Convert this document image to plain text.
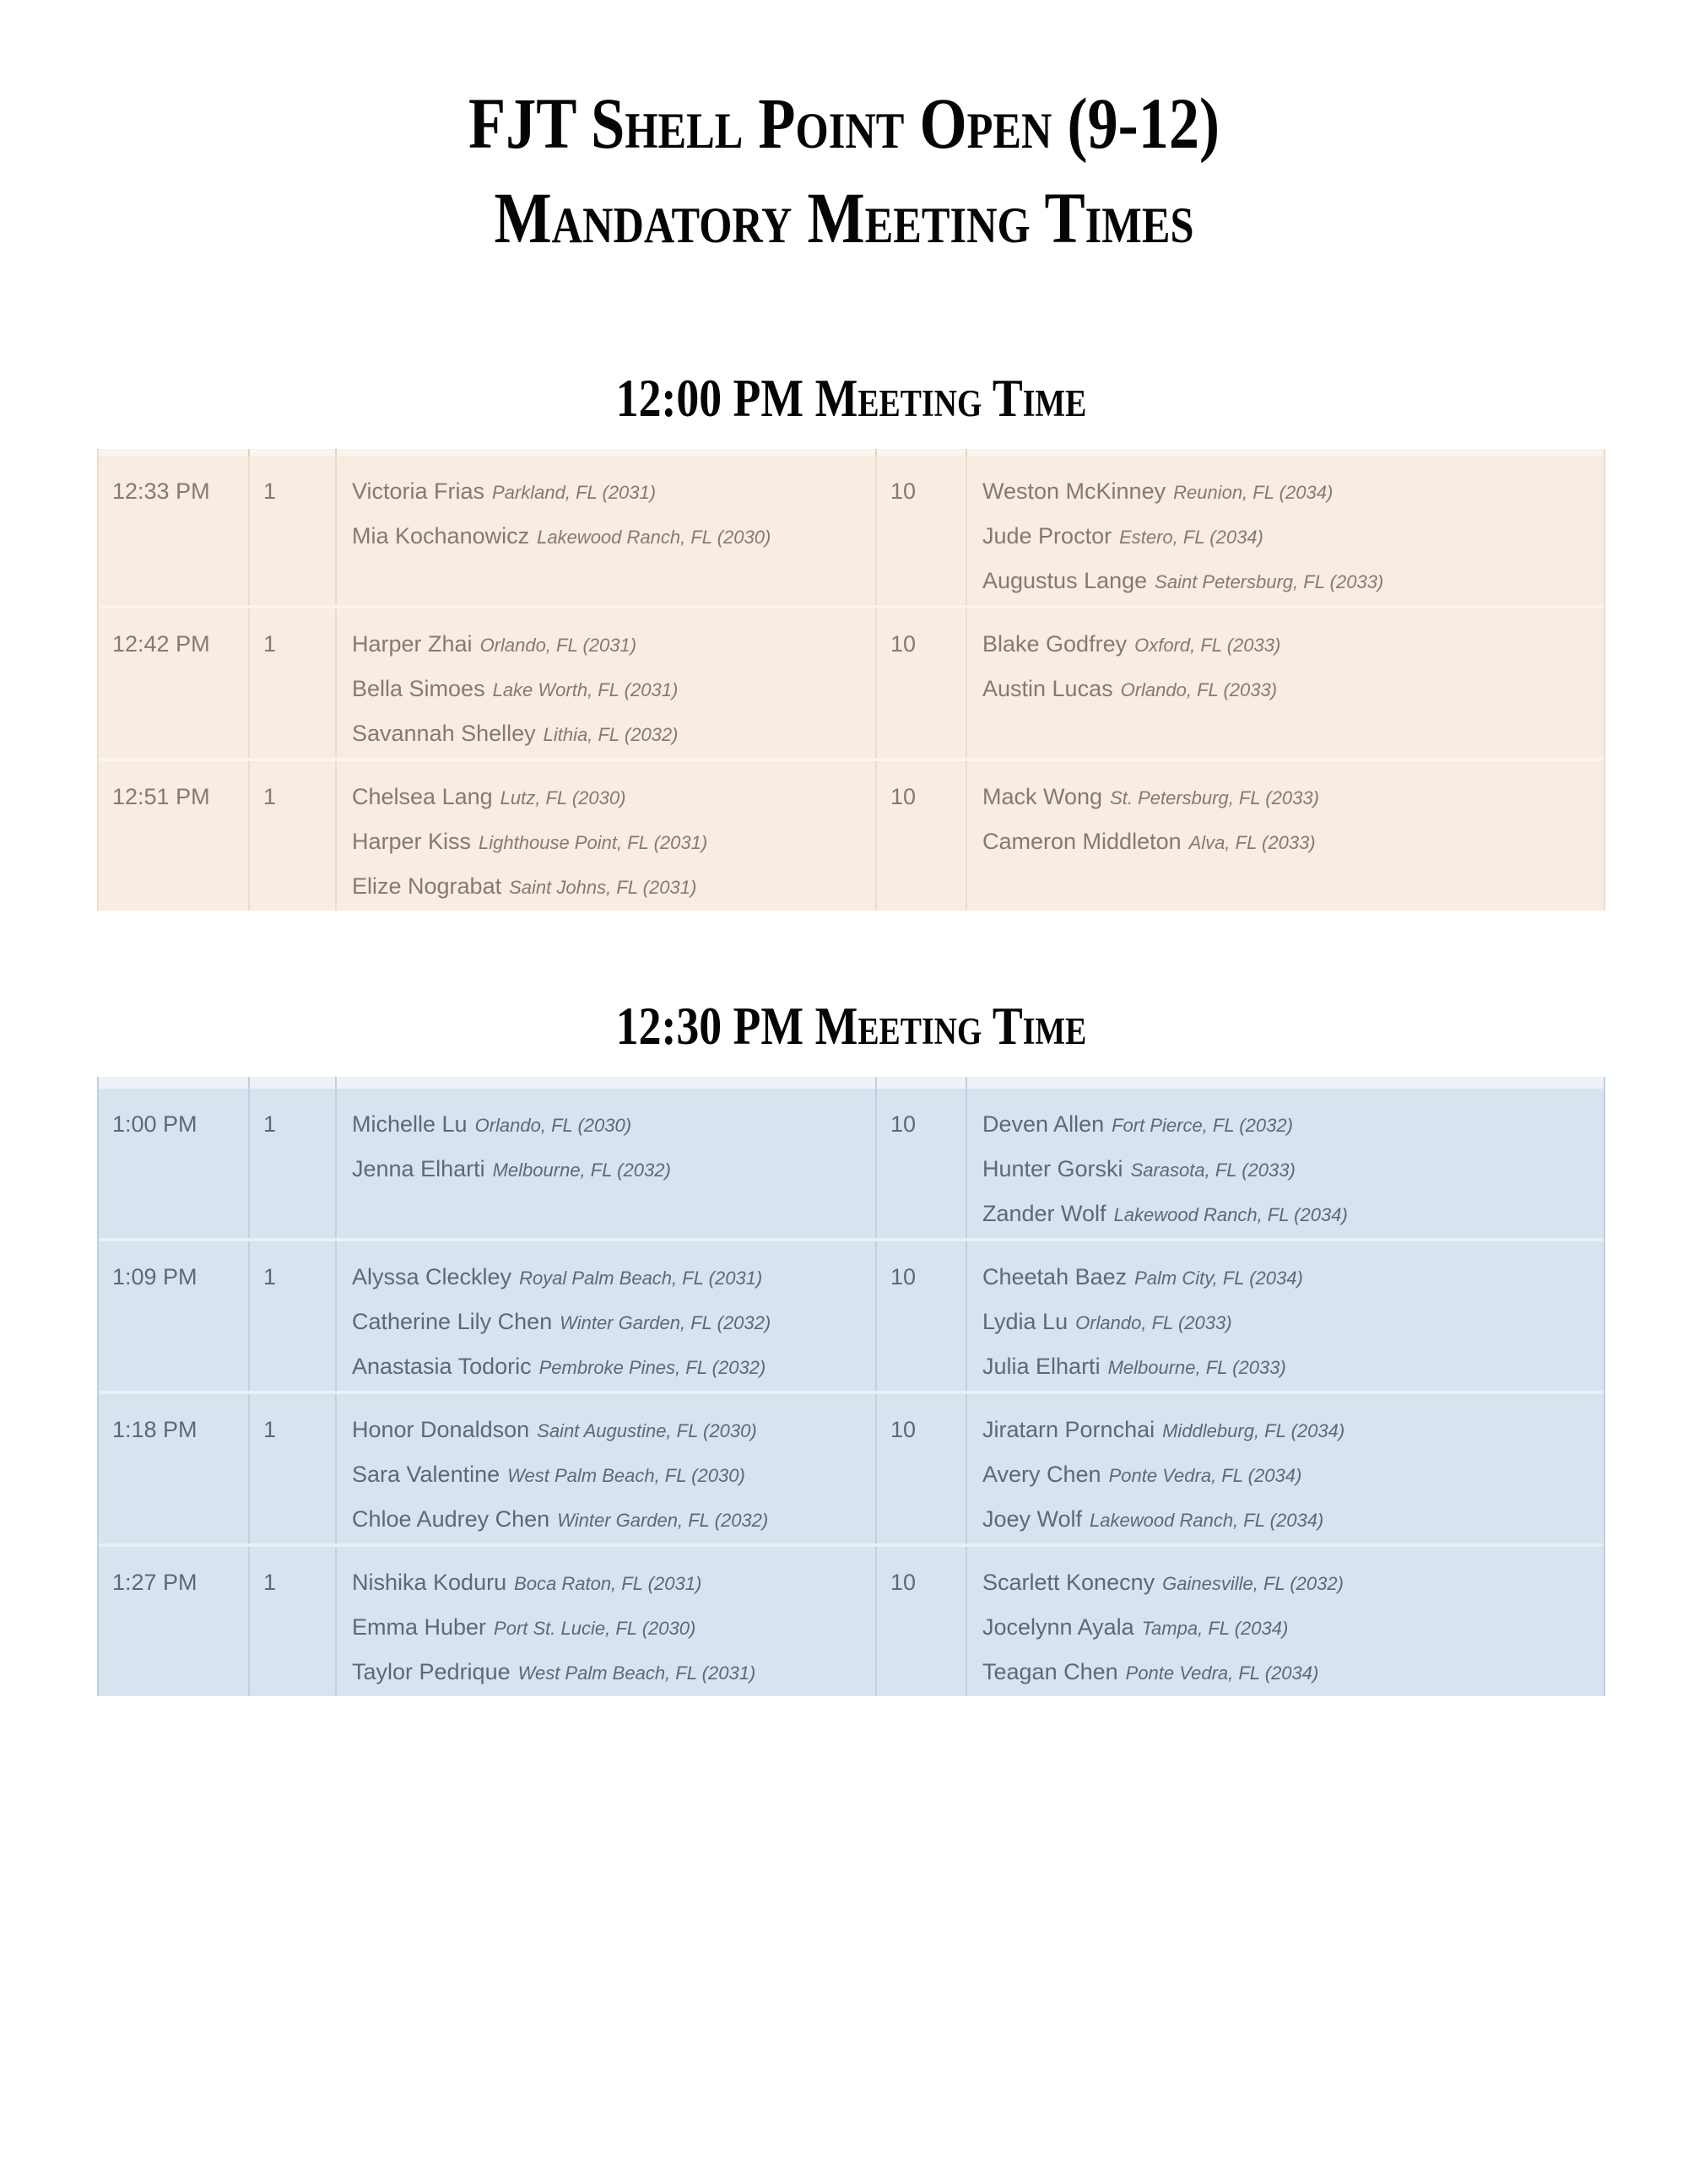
FJT Shell Point Open (9-12)
Mandatory Meeting Times
12:00 PM Meeting Time
12:33 PM	1	Victoria Frias Parkland, FL (2031)
Mia Kochanowicz Lakewood Ranch, FL (2030)
10	Weston McKinney Reunion, FL (2034)
Jude Proctor Estero, FL (2034)
Augustus Lange Saint Petersburg, FL (2033)
12:42 PM	1	Harper Zhai Orlando, FL (2031)
Bella Simoes Lake Worth, FL (2031)
Savannah Shelley Lithia, FL (2032)
10	Blake Godfrey Oxford, FL (2033)
Austin Lucas Orlando, FL (2033)
12:51 PM	1	Chelsea Lang Lutz, FL (2030)
Harper Kiss Lighthouse Point, FL (2031)
Elize Nograbat Saint Johns, FL (2031)
10	Mack Wong St. Petersburg, FL (2033)
Cameron Middleton Alva, FL (2033)
12:30 PM Meeting Time
1:00 PM	1	Michelle Lu Orlando, FL (2030)
Jenna Elharti Melbourne, FL (2032)
10	Deven Allen Fort Pierce, FL (2032)
Hunter Gorski Sarasota, FL (2033)
Zander Wolf Lakewood Ranch, FL (2034)
1:09 PM	1	Alyssa Cleckley Royal Palm Beach, FL (2031)
Catherine Lily Chen Winter Garden, FL (2032)
Anastasia Todoric Pembroke Pines, FL (2032)
10	Cheetah Baez Palm City, FL (2034)
Lydia Lu Orlando, FL (2033)
Julia Elharti Melbourne, FL (2033)
1:18 PM	1	Honor Donaldson Saint Augustine, FL (2030)
Sara Valentine West Palm Beach, FL (2030)
Chloe Audrey Chen Winter Garden, FL (2032)
10	Jiratarn Pornchai Middleburg, FL (2034)
Avery Chen Ponte Vedra, FL (2034)
Joey Wolf Lakewood Ranch, FL (2034)
1:27 PM	1	Nishika Koduru Boca Raton, FL (2031)
Emma Huber Port St. Lucie, FL (2030)
Taylor Pedrique West Palm Beach, FL (2031)
10	Scarlett Konecny Gainesville, FL (2032)
Jocelynn Ayala Tampa, FL (2034)
Teagan Chen Ponte Vedra, FL (2034)
